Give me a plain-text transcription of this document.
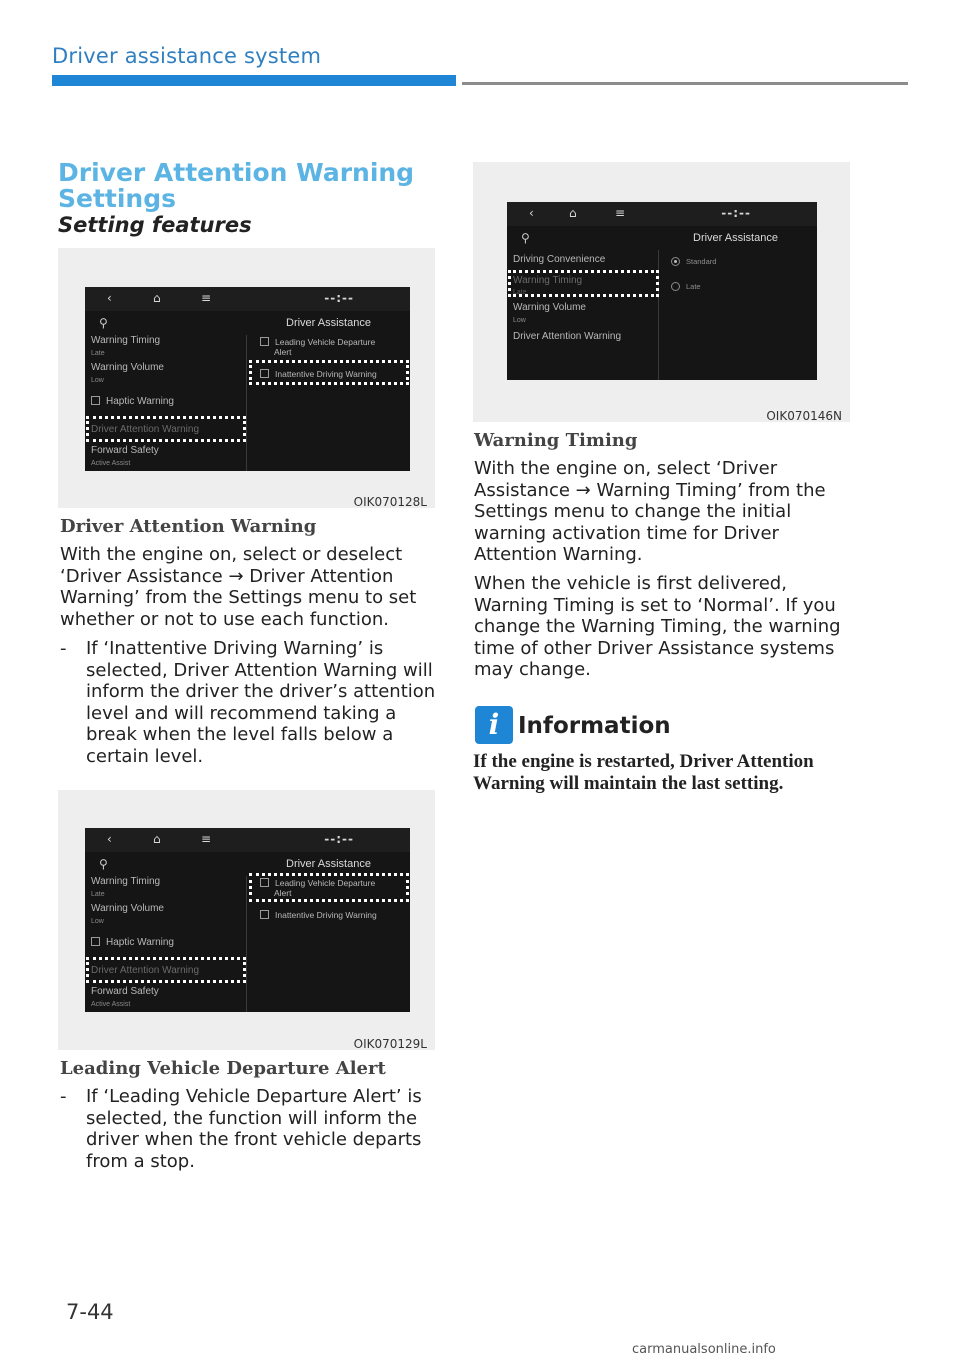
Driver assistance system
Driver Attention Warning Settings
Setting features
‹	⌂	≡	--:--
⚲	Driver Assistance
Warning Timing
Late
Warning Volume
Low
Haptic Warning
Driver Attention Warning
Forward Safety
Active Assist
Leading Vehicle Departure
Alert
Inattentive Driving Warning
OIK070128L
Driver Attention Warning
With the engine on, select or deselect ‘Driver Assistance → Driver Attention Warning’ from the Settings menu to set whether or not to use each function.
- If ‘Inattentive Driving Warning’ is selected, Driver Attention Warning will inform the driver the driver’s attention level and will recommend taking a break when the level falls below a certain level.
‹	⌂	≡	--:--
⚲	Driver Assistance
Warning Timing
Late
Warning Volume
Low
Haptic Warning
Driver Attention Warning
Forward Safety
Active Assist
Leading Vehicle Departure
Alert
Inattentive Driving Warning
OIK070129L
Leading Vehicle Departure Alert
- If ‘Leading Vehicle Departure Alert’ is selected, the function will inform the driver when the front vehicle departs from a stop.
‹	⌂	≡	--:--
⚲	Driver Assistance
Driving Convenience
Warning Timing
Late
Warning Volume
Low
Driver Attention Warning
Standard
Late
OIK070146N
Warning Timing
With the engine on, select ‘Driver Assistance → Warning Timing’ from the Settings menu to change the initial warning activation time for Driver Attention Warning.
When the vehicle is first delivered, Warning Timing is set to ‘Normal’. If you change the Warning Timing, the warning time of other Driver Assistance systems may change.
i Information
If the engine is restarted, Driver Attention Warning will maintain the last setting.
7-44
carmanualsonline.info
